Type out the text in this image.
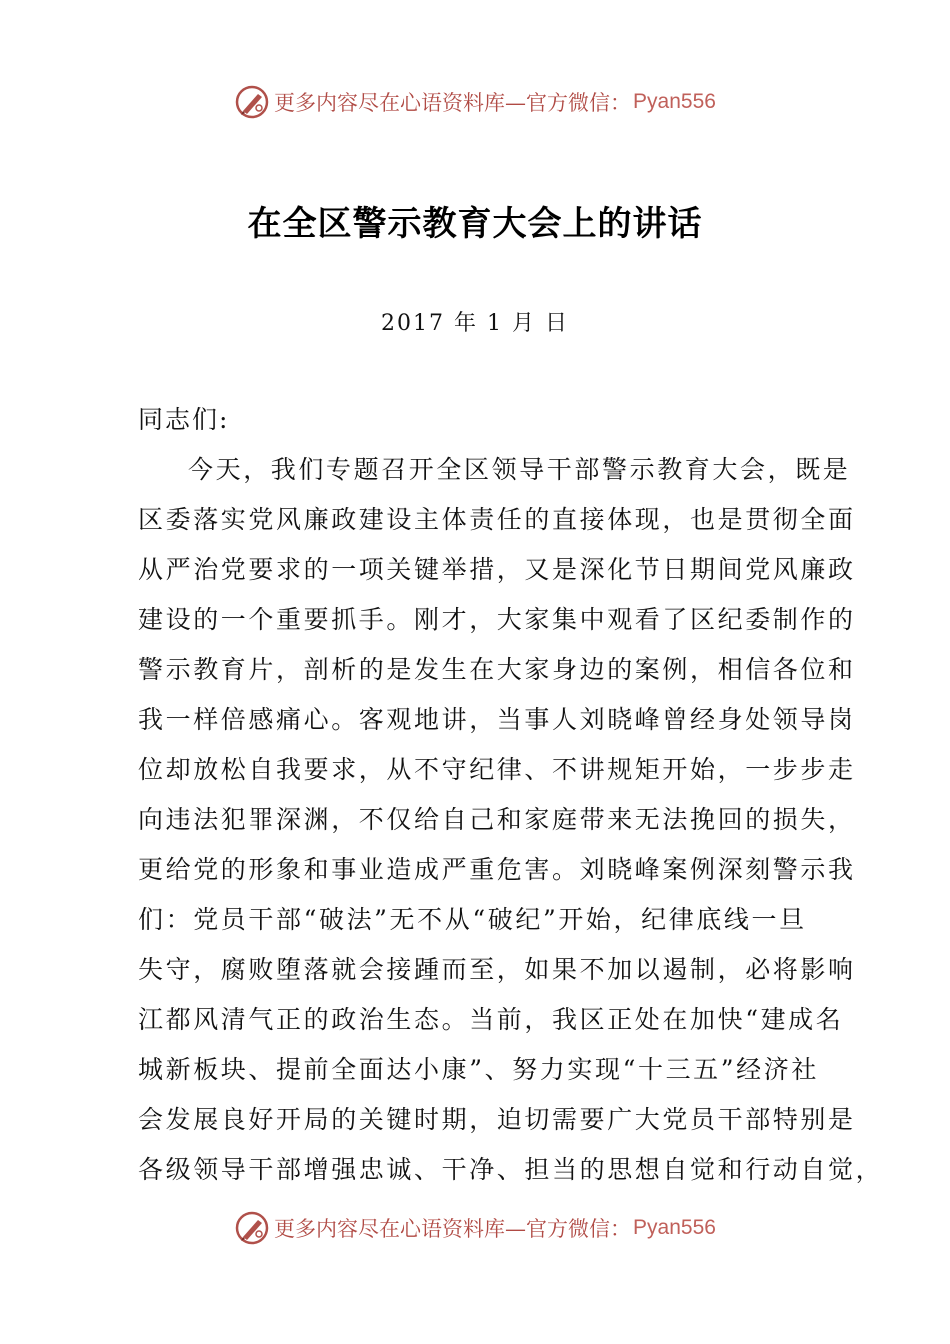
更多内容尽在心语资料库—官方微信： Pyan556
在全区警示教育大会上的讲话
2017 年 1 月 日
同志们:
今天，我们专题召开全区领导干部警示教育大会，既是
区委落实党风廉政建设主体责任的直接体现，也是贯彻全面
从严治党要求的一项关键举措，又是深化节日期间党风廉政
建设的一个重要抓手。刚才，大家集中观看了区纪委制作的
警示教育片，剖析的是发生在大家身边的案例，相信各位和
我一样倍感痛心。客观地讲，当事人刘晓峰曾经身处领导岗
位却放松自我要求，从不守纪律、不讲规矩开始，一步步走
向违法犯罪深渊，不仅给自己和家庭带来无法挽回的损失，
更给党的形象和事业造成严重危害。刘晓峰案例深刻警示我
们：党员干部“破法”无不从“破纪”开始，纪律底线一旦
失守，腐败堕落就会接踵而至，如果不加以遏制，必将影响
江都风清气正的政治生态。当前，我区正处在加快“建成名
城新板块、提前全面达小康”、努力实现“十三五”经济社
会发展良好开局的关键时期，迫切需要广大党员干部特别是
各级领导干部增强忠诚、干净、担当的思想自觉和行动自觉，
更多内容尽在心语资料库—官方微信： Pyan556
